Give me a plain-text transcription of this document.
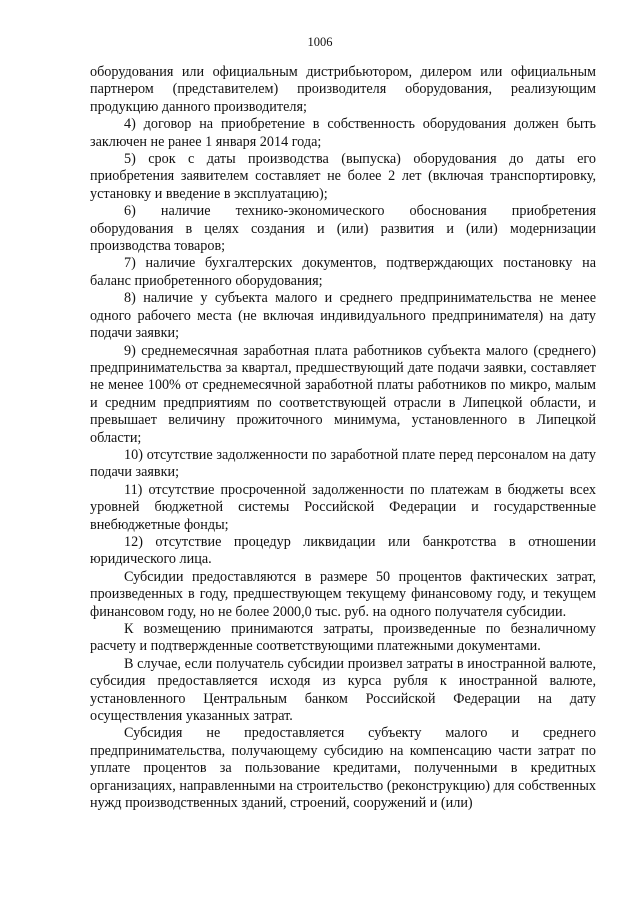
1006

оборудования или официальным дистрибьютором, дилером или официальным партнером (представителем) производителя оборудования, реализующим продукцию данного производителя;

4) договор на приобретение в собственность оборудования должен быть заключен не ранее 1 января 2014 года;

5) срок с даты производства (выпуска) оборудования до даты его приобретения заявителем составляет не более 2 лет (включая транспортировку, установку и введение в эксплуатацию);

6) наличие технико-экономического обоснования приобретения оборудования в целях создания и (или) развития и (или) модернизации производства товаров;

7) наличие бухгалтерских документов, подтверждающих постановку на баланс приобретенного оборудования;

8) наличие у субъекта малого и среднего предпринимательства не менее одного рабочего места (не включая индивидуального предпринимателя) на дату подачи заявки;

9) среднемесячная заработная плата работников субъекта малого (среднего) предпринимательства за квартал, предшествующий дате подачи заявки, составляет не менее 100% от среднемесячной заработной платы работников по микро, малым и средним предприятиям по соответствующей отрасли в Липецкой области, и превышает величину прожиточного минимума, установленного в Липецкой области;

10) отсутствие задолженности по заработной плате перед персоналом на дату подачи заявки;

11) отсутствие просроченной задолженности по платежам в бюджеты всех уровней бюджетной системы Российской Федерации и государственные внебюджетные фонды;

12) отсутствие процедур ликвидации или банкротства в отношении юридического лица.

Субсидии предоставляются в размере 50 процентов фактических затрат, произведенных в году, предшествующем текущему финансовому году, и текущем финансовом году, но не более 2000,0 тыс. руб. на одного получателя субсидии.

К возмещению принимаются затраты, произведенные по безналичному расчету и подтвержденные соответствующими платежными документами.

В случае, если получатель субсидии произвел затраты в иностранной валюте, субсидия предоставляется исходя из курса рубля к иностранной валюте, установленного Центральным банком Российской Федерации на дату осуществления указанных затрат.

Субсидия не предоставляется субъекту малого и среднего предпринимательства, получающему субсидию на компенсацию части затрат по уплате процентов за пользование кредитами, полученными в кредитных организациях, направленными на строительство (реконструкцию) для собственных нужд производственных зданий, строений, сооружений и (или)
